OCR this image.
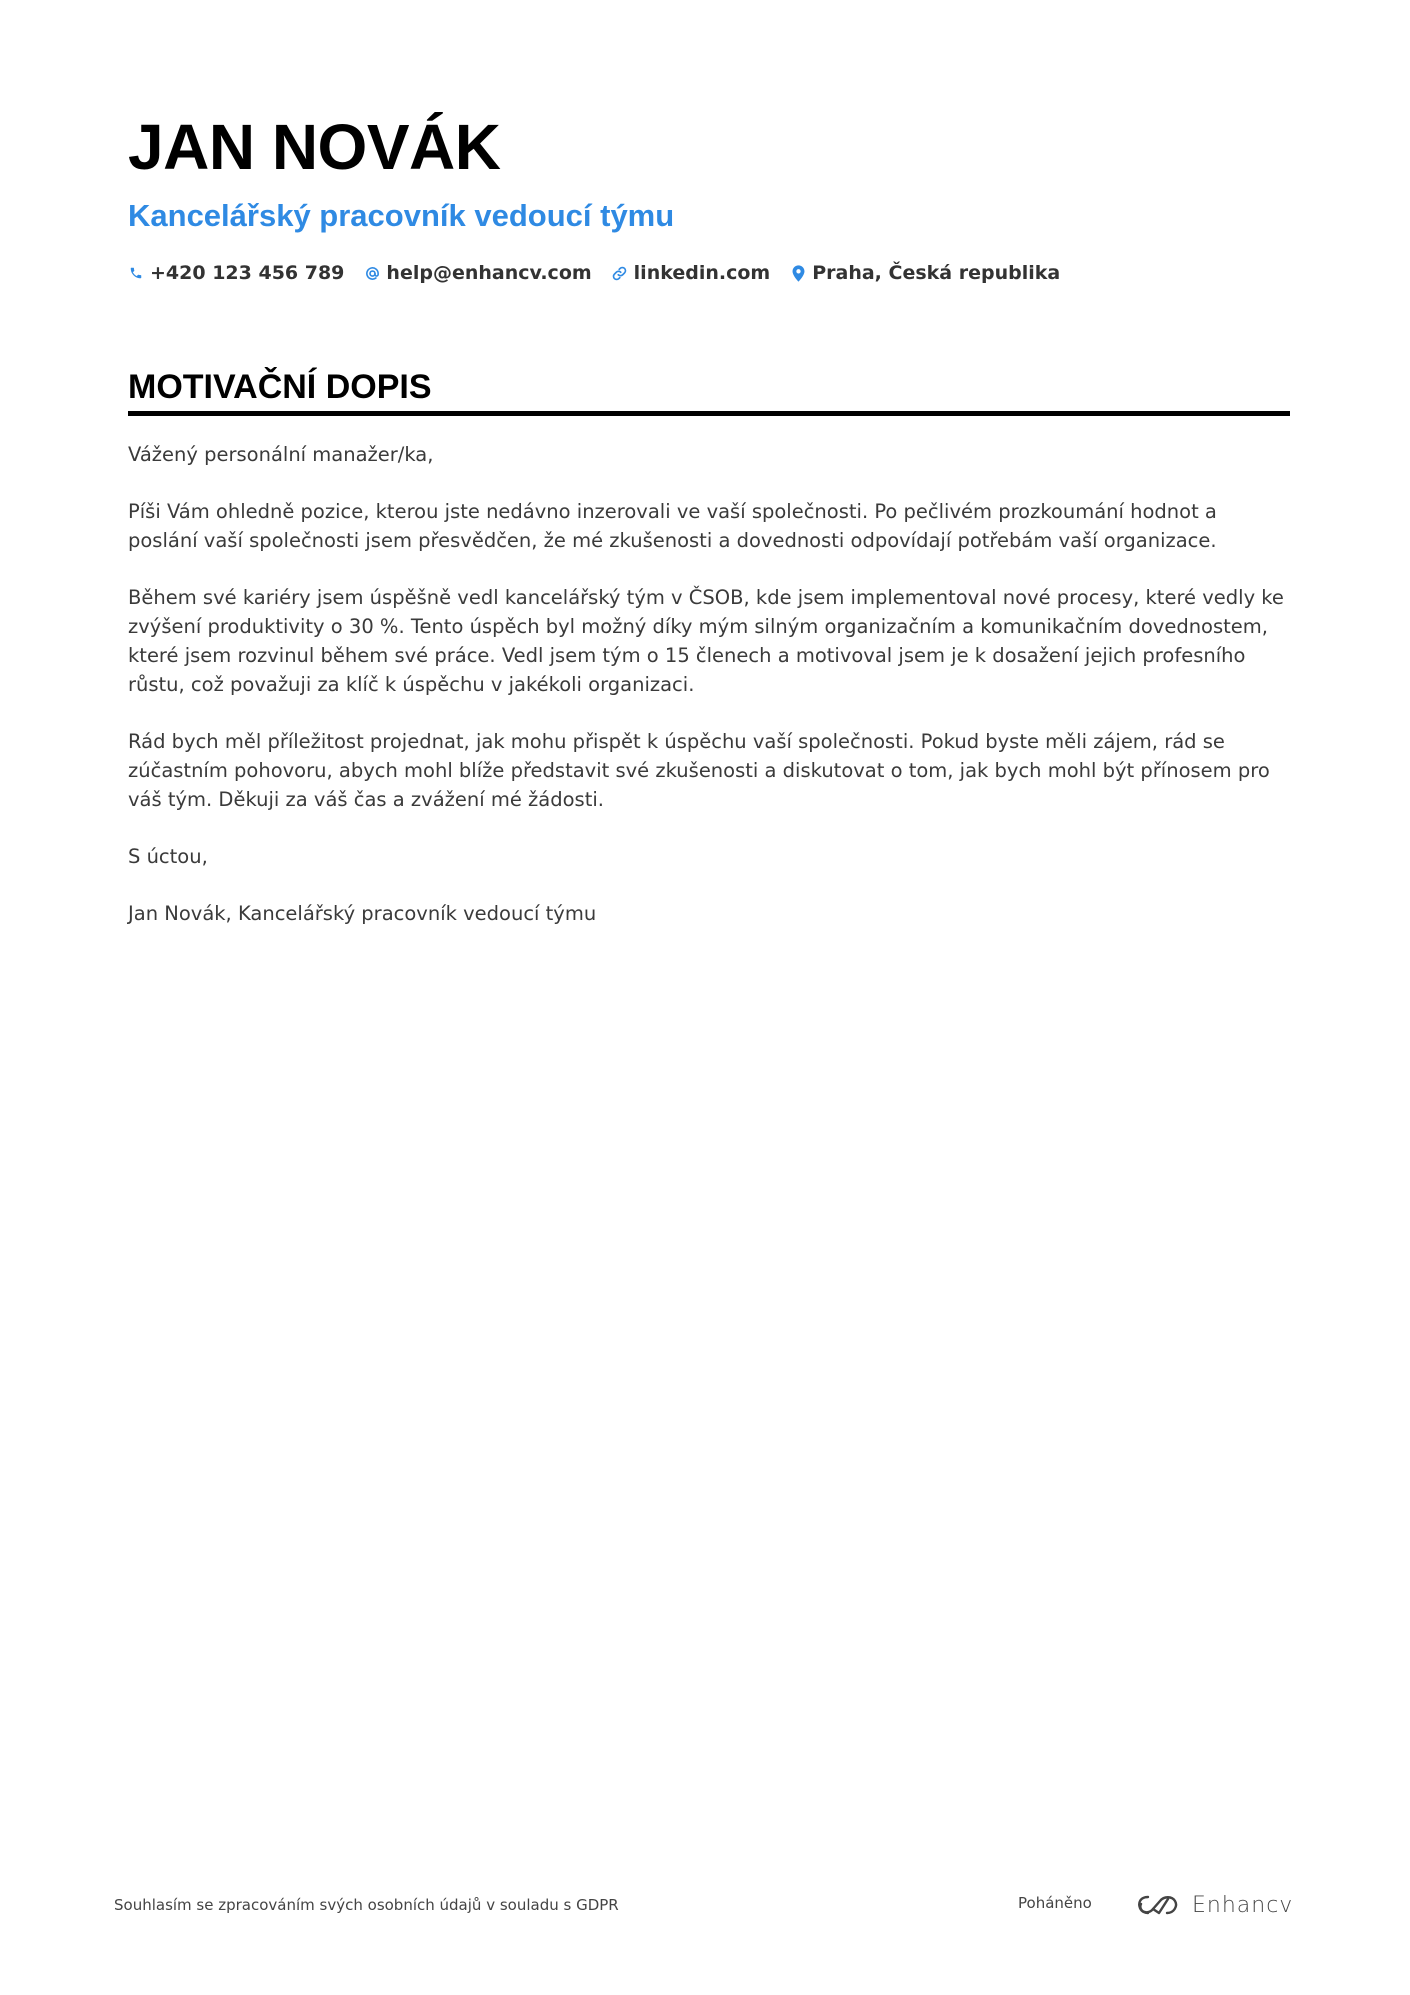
JAN NOVÁK
Kancelářský pracovník vedoucí týmu
+420 123 456 789 help@enhancv.com linkedin.com Praha, Česká republika
MOTIVAČNÍ DOPIS

Vážený personální manažer/ka,

Píši Vám ohledně pozice, kterou jste nedávno inzerovali ve vaší společnosti. Po pečlivém prozkoumání hodnot a poslání vaší společnosti jsem přesvědčen, že mé zkušenosti a dovednosti odpovídají potřebám vaší organizace.

Během své kariéry jsem úspěšně vedl kancelářský tým v ČSOB, kde jsem implementoval nové procesy, které vedly ke zvýšení produktivity o 30 %. Tento úspěch byl možný díky mým silným organizačním a komunikačním dovednostem, které jsem rozvinul během své práce. Vedl jsem tým o 15 členech a motivoval jsem je k dosažení jejich profesního růstu, což považuji za klíč k úspěchu v jakékoli organizaci.

Rád bych měl příležitost projednat, jak mohu přispět k úspěchu vaší společnosti. Pokud byste měli zájem, rád se zúčastním pohovoru, abych mohl blíže představit své zkušenosti a diskutovat o tom, jak bych mohl být přínosem pro váš tým. Děkuji za váš čas a zvážení mé žádosti.

S úctou,

Jan Novák, Kancelářský pracovník vedoucí týmu

Souhlasím se zpracováním svých osobních údajů v souladu s GDPR	Poháněno	Enhancv
